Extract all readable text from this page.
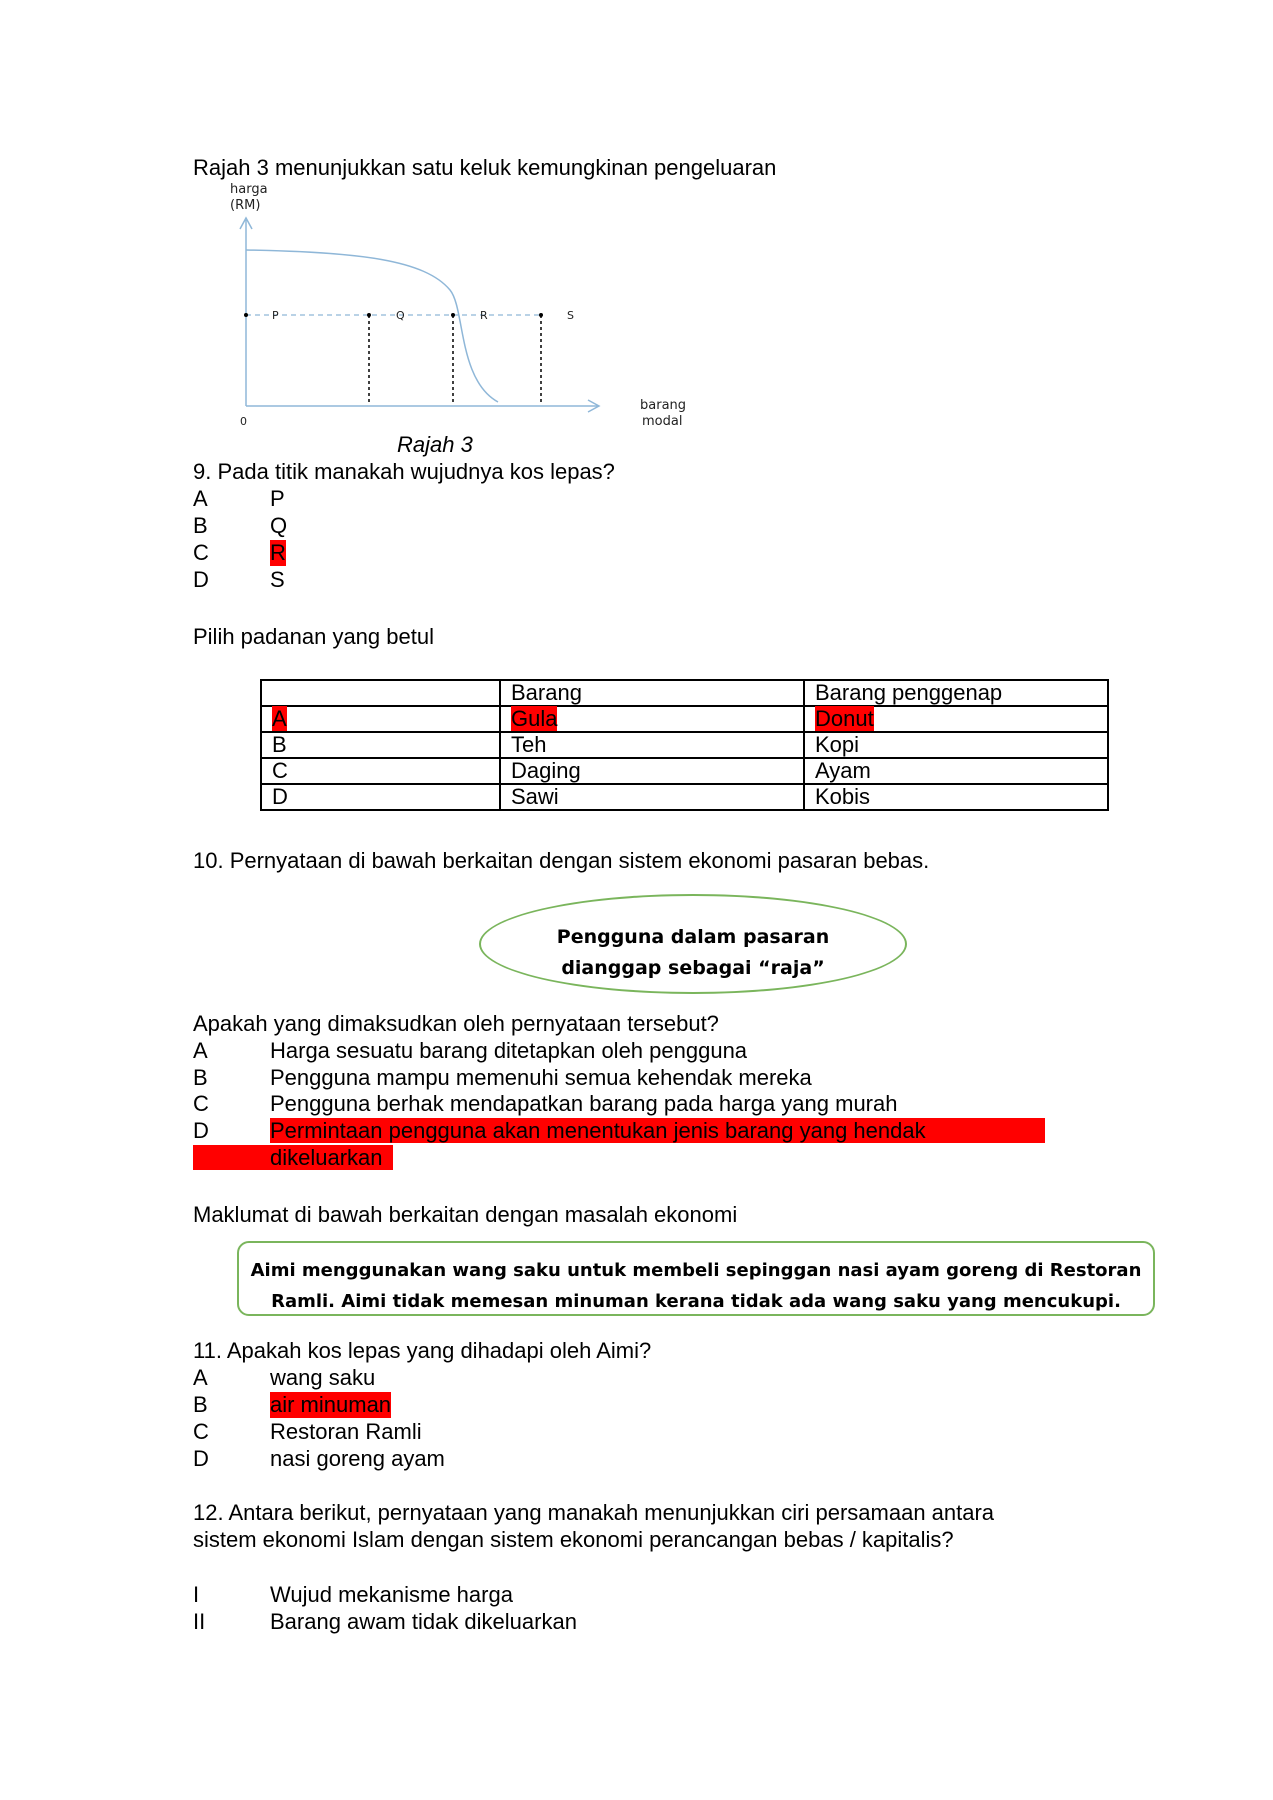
Rajah 3 menunjukkan satu keluk kemungkinan pengeluaran
harga
(RM)
P	Q	R	S
0
barang
modal
Rajah 3
9. Pada titik manakah wujudnya kos lepas?
A	P
B	Q
C	R
D	S
Pilih padanan yang betul
	Barang	Barang penggenap
A	Gula	Donut
B	Teh	Kopi
C	Daging	Ayam
D	Sawi	Kobis
10. Pernyataan di bawah berkaitan dengan sistem ekonomi pasaran bebas.
Pengguna dalam pasaran
dianggap sebagai “raja”
Apakah yang dimaksudkan oleh pernyataan tersebut?
A	Harga sesuatu barang ditetapkan oleh pengguna
B	Pengguna mampu memenuhi semua kehendak mereka
C	Pengguna berhak mendapatkan barang pada harga yang murah
D	Permintaan pengguna akan menentukan jenis barang yang hendak
dikeluarkan
Maklumat di bawah berkaitan dengan masalah ekonomi
Aimi menggunakan wang saku untuk membeli sepinggan nasi ayam goreng di Restoran
Ramli. Aimi tidak memesan minuman kerana tidak ada wang saku yang mencukupi.
11. Apakah kos lepas yang dihadapi oleh Aimi?
A	wang saku
B	air minuman
C	Restoran Ramli
D	nasi goreng ayam
12. Antara berikut, pernyataan yang manakah menunjukkan ciri persamaan antara
sistem ekonomi Islam dengan sistem ekonomi perancangan bebas / kapitalis?
I	Wujud mekanisme harga
II	Barang awam tidak dikeluarkan
